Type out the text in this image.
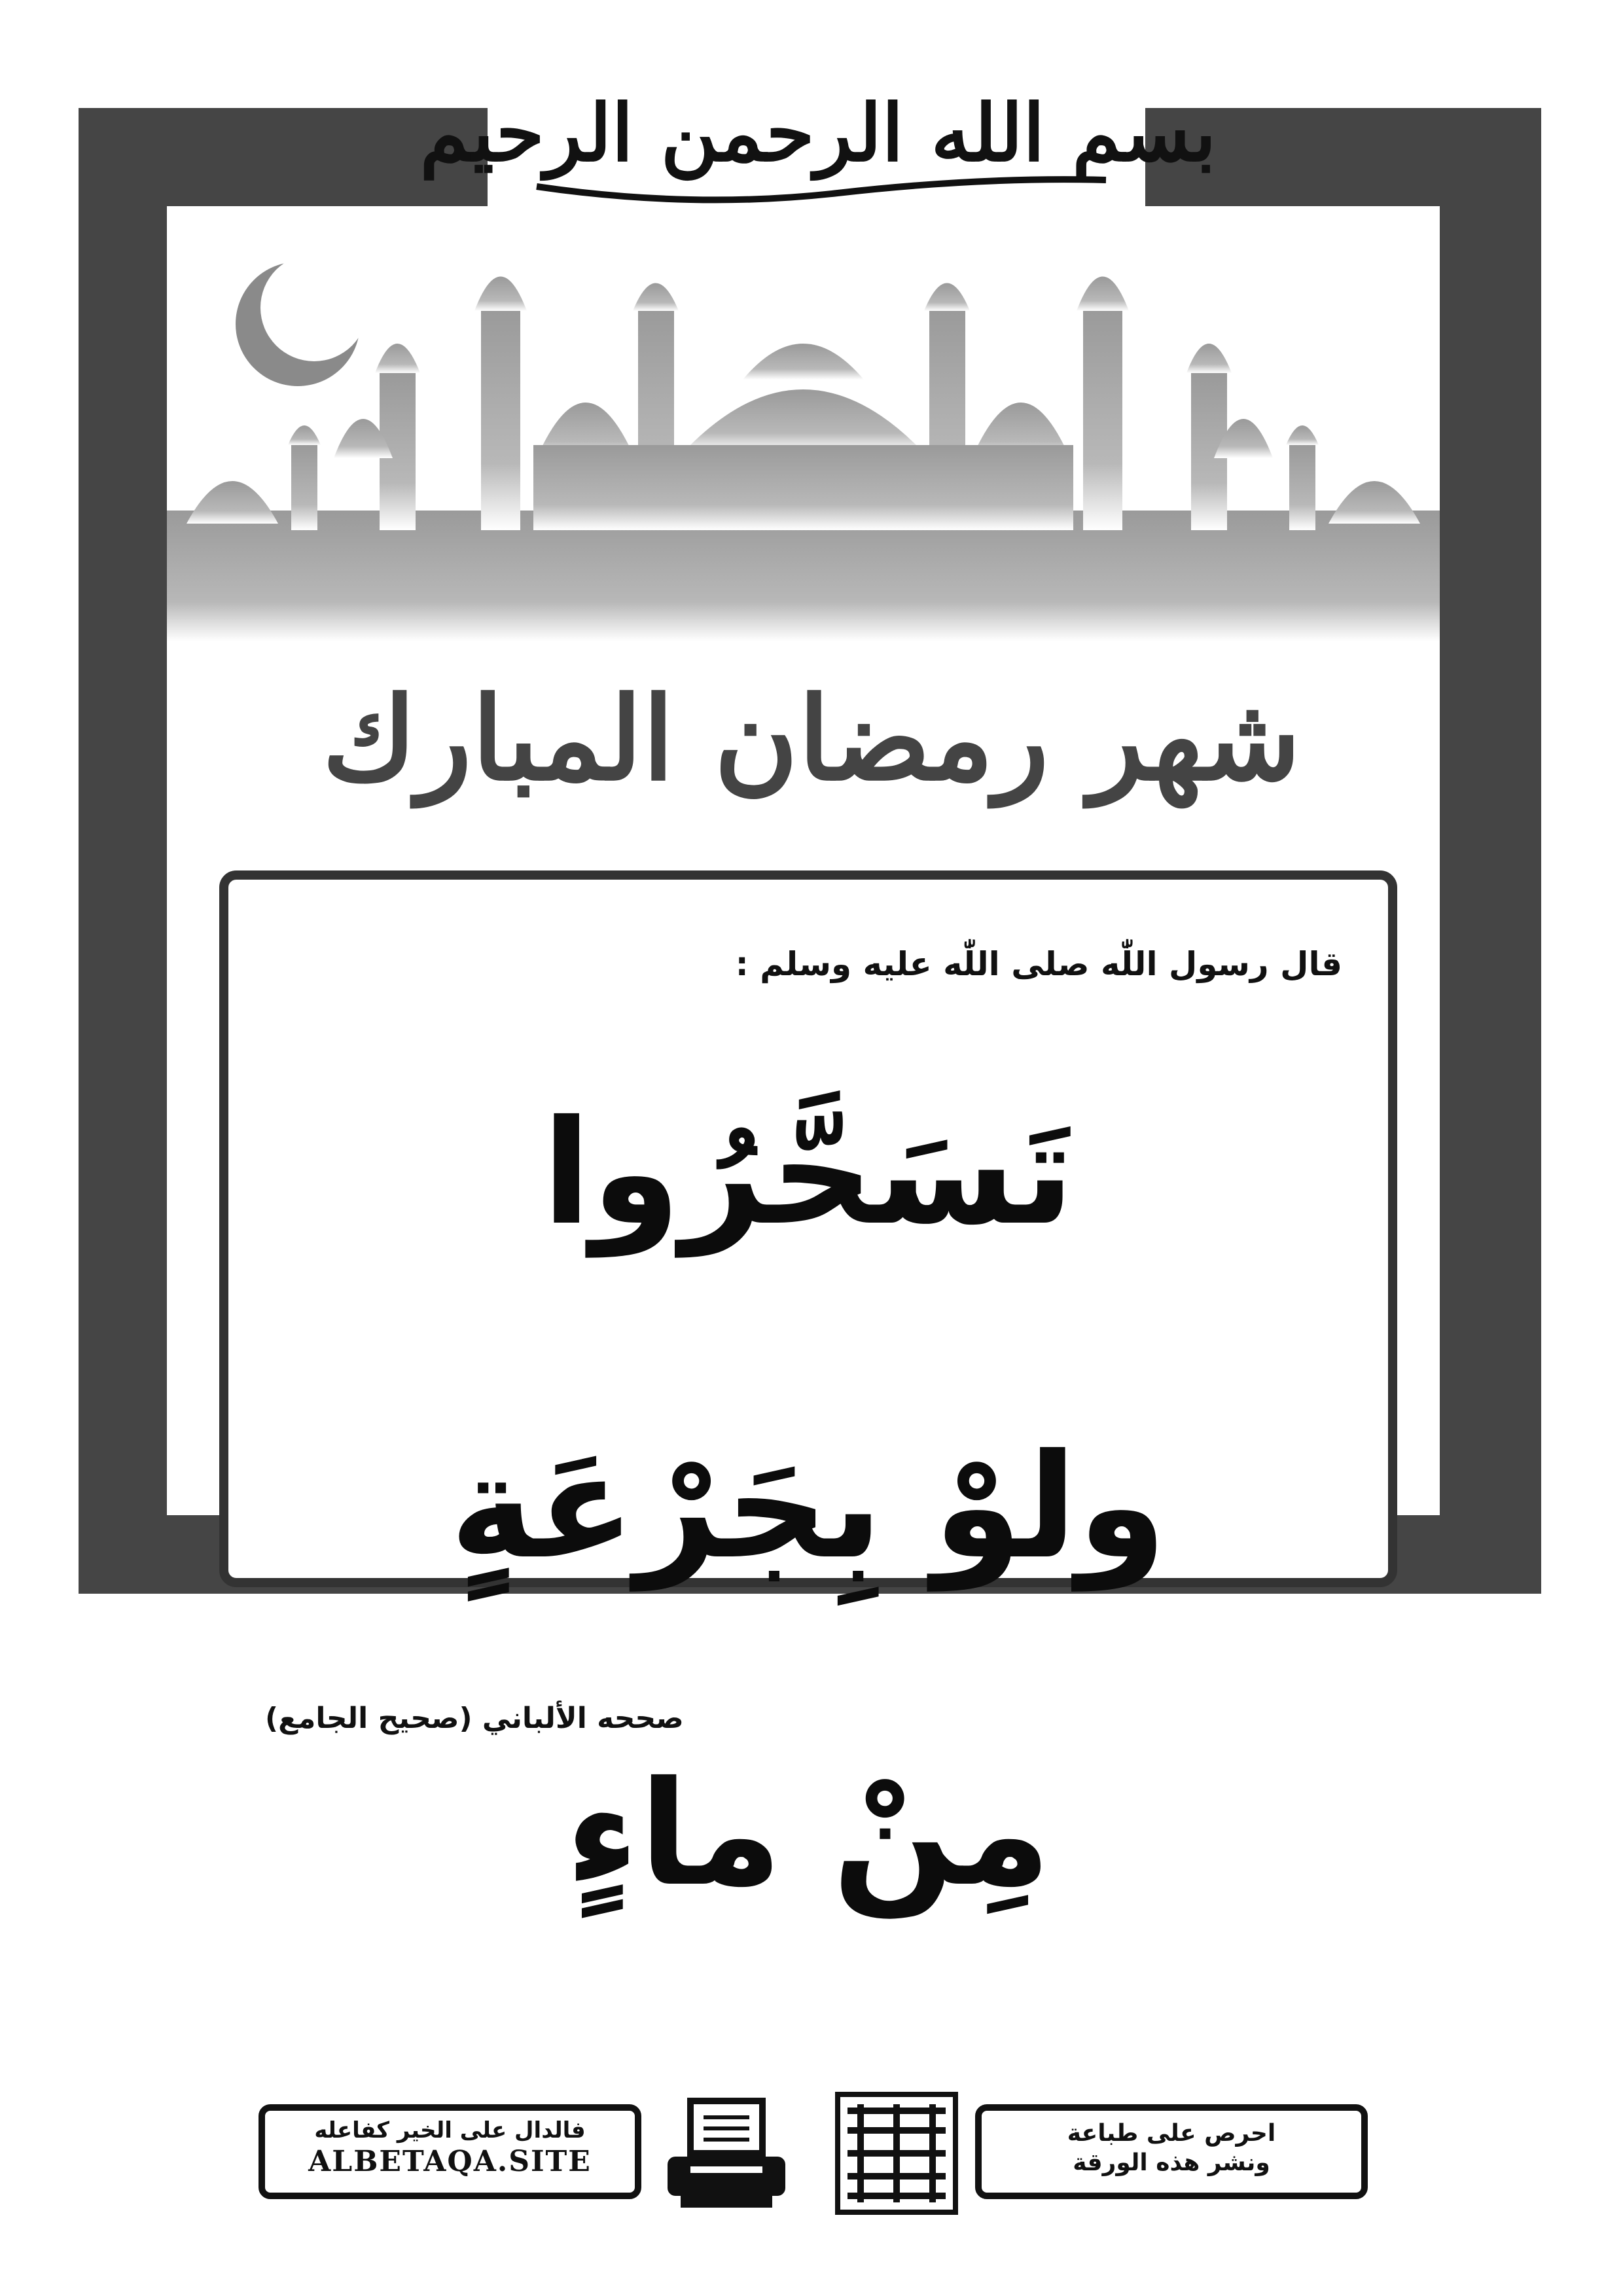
بسم الله الرحمن الرحيم
شهر رمضان المبارك
قال رسول اللّٰه صلى اللّٰه عليه وسلم :
تَسَحَّرُوا
ولوْ بِجَرْعَةٍ
مِنْ ماءٍ
صححه الألباني (صحيح الجامع)
فالدال على الخير كفاعله
ALBETAQA.SITE
احرص على طباعة
ونشر هذه الورقة
